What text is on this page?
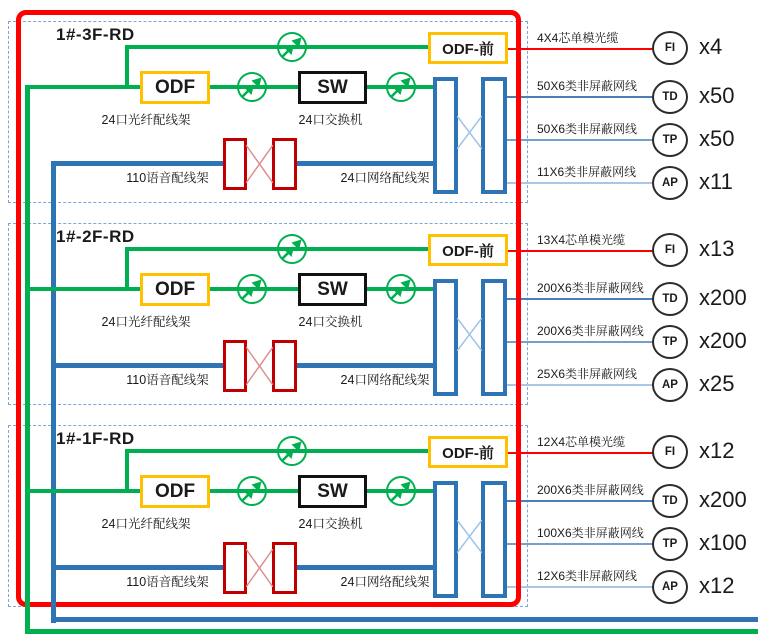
1#-3F-RD
ODF-前
ODF	SW
24口光纤配线架	24口交换机
110语音配线架	24口网络配线架
4X4芯单模光缆
FI	x4
50X6类非屏蔽网线
TD x50
50X6类非屏蔽网线
TP x50
11X6类非屏蔽网线
AP x11
1#-2F-RD
ODF-前
ODF	SW
24口光纤配线架	24口交换机
110语音配线架	24口网络配线架
13X4芯单模光缆
FI	x13
200X6类非屏蔽网线
TD x200
200X6类非屏蔽网线
TP x200
25X6类非屏蔽网线
AP x25
1#-1F-RD
ODF-前
ODF	SW
24口光纤配线架	24口交换机
110语音配线架	24口网络配线架
12X4芯单模光缆
FI	x12
200X6类非屏蔽网线
TD x200
100X6类非屏蔽网线
TP x100
12X6类非屏蔽网线
AP x12
